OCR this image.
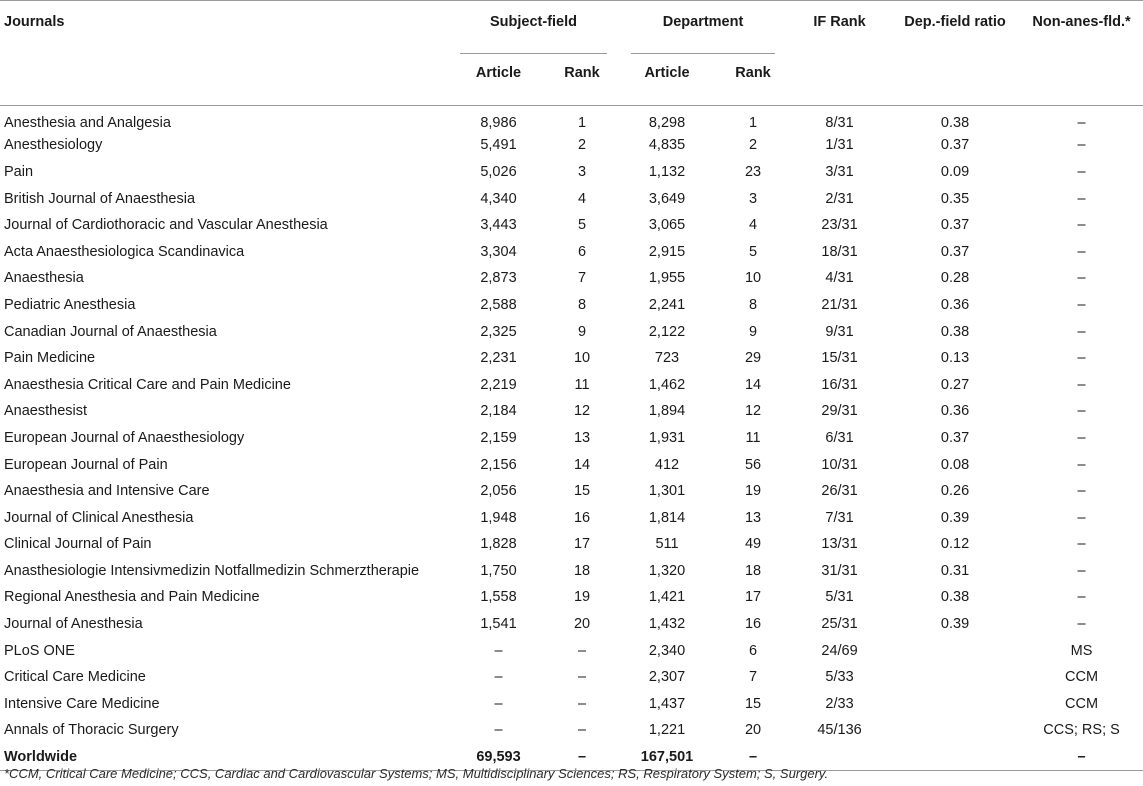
Journals	Subject-field		Department		IF Rank	Dep.-field ratio	Non-anes-fld.*
	Article	Rank	Article	Rank			
Anesthesia and Analgesia	8,986	1	8,298	1	8/31	0.38	–
Anesthesiology	5,491	2	4,835	2	1/31	0.37	–
Pain	5,026	3	1,132	23	3/31	0.09	–
British Journal of Anaesthesia	4,340	4	3,649	3	2/31	0.35	–
Journal of Cardiothoracic and Vascular Anesthesia	3,443	5	3,065	4	23/31	0.37	–
Acta Anaesthesiologica Scandinavica	3,304	6	2,915	5	18/31	0.37	–
Anaesthesia	2,873	7	1,955	10	4/31	0.28	–
Pediatric Anesthesia	2,588	8	2,241	8	21/31	0.36	–
Canadian Journal of Anaesthesia	2,325	9	2,122	9	9/31	0.38	–
Pain Medicine	2,231	10	723	29	15/31	0.13	–
Anaesthesia Critical Care and Pain Medicine	2,219	11	1,462	14	16/31	0.27	–
Anaesthesist	2,184	12	1,894	12	29/31	0.36	–
European Journal of Anaesthesiology	2,159	13	1,931	11	6/31	0.37	–
European Journal of Pain	2,156	14	412	56	10/31	0.08	–
Anaesthesia and Intensive Care	2,056	15	1,301	19	26/31	0.26	–
Journal of Clinical Anesthesia	1,948	16	1,814	13	7/31	0.39	–
Clinical Journal of Pain	1,828	17	511	49	13/31	0.12	–
Anasthesiologie Intensivmedizin Notfallmedizin Schmerztherapie	1,750	18	1,320	18	31/31	0.31	–
Regional Anesthesia and Pain Medicine	1,558	19	1,421	17	5/31	0.38	–
Journal of Anesthesia	1,541	20	1,432	16	25/31	0.39	–
PLoS ONE	–	–	2,340	6	24/69		MS
Critical Care Medicine	–	–	2,307	7	5/33		CCM
Intensive Care Medicine	–	–	1,437	15	2/33		CCM
Annals of Thoracic Surgery	–	–	1,221	20	45/136		CCS; RS; S
Worldwide	69,593	–	167,501	–			–
*CCM, Critical Care Medicine; CCS, Cardiac and Cardiovascular Systems; MS, Multidisciplinary Sciences; RS, Respiratory System; S, Surgery.
